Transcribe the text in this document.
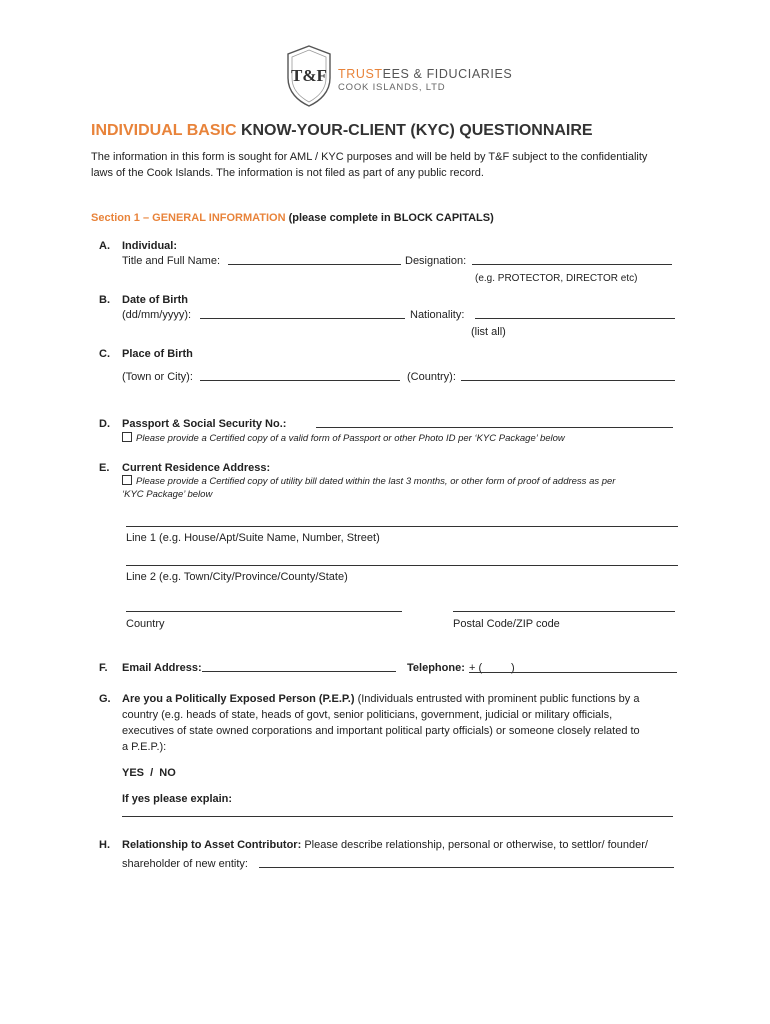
T&F TRUSTEES & FIDUCIARIES
COOK ISLANDS, LTD
INDIVIDUAL BASIC KNOW-YOUR-CLIENT (KYC) QUESTIONNAIRE
The information in this form is sought for AML / KYC purposes and will be held by T&F subject to the confidentiality
laws of the Cook Islands. The information is not filed as part of any public record.
Section 1 – GENERAL INFORMATION (please complete in BLOCK CAPITALS)
A. Individual:
Title and Full Name:	Designation:
(e.g. PROTECTOR, DIRECTOR etc)
B. Date of Birth
(dd/mm/yyyy):	Nationality:
(list all)
C. Place of Birth
(Town or City):	(Country):
D. Passport & Social Security No.:
Please provide a Certified copy of a valid form of Passport or other Photo ID per ‘KYC Package’ below
E. Current Residence Address:
Please provide a Certified copy of utility bill dated within the last 3 months, or other form of proof of address as per
‘KYC Package’ below
Line 1 (e.g. House/Apt/Suite Name, Number, Street)
Line 2 (e.g. Town/City/Province/County/State)
Country	Postal Code/ZIP code
F. Email Address:	Telephone: + (	)
G. Are you a Politically Exposed Person (P.E.P.) (Individuals entrusted with prominent public functions by a
country (e.g. heads of state, heads of govt, senior politicians, government, judicial or military officials,
executives of state owned corporations and important political party officials) or someone closely related to
a P.E.P.):
YES  /  NO
If yes please explain:
H. Relationship to Asset Contributor: Please describe relationship, personal or otherwise, to settlor/ founder/
shareholder of new entity:
